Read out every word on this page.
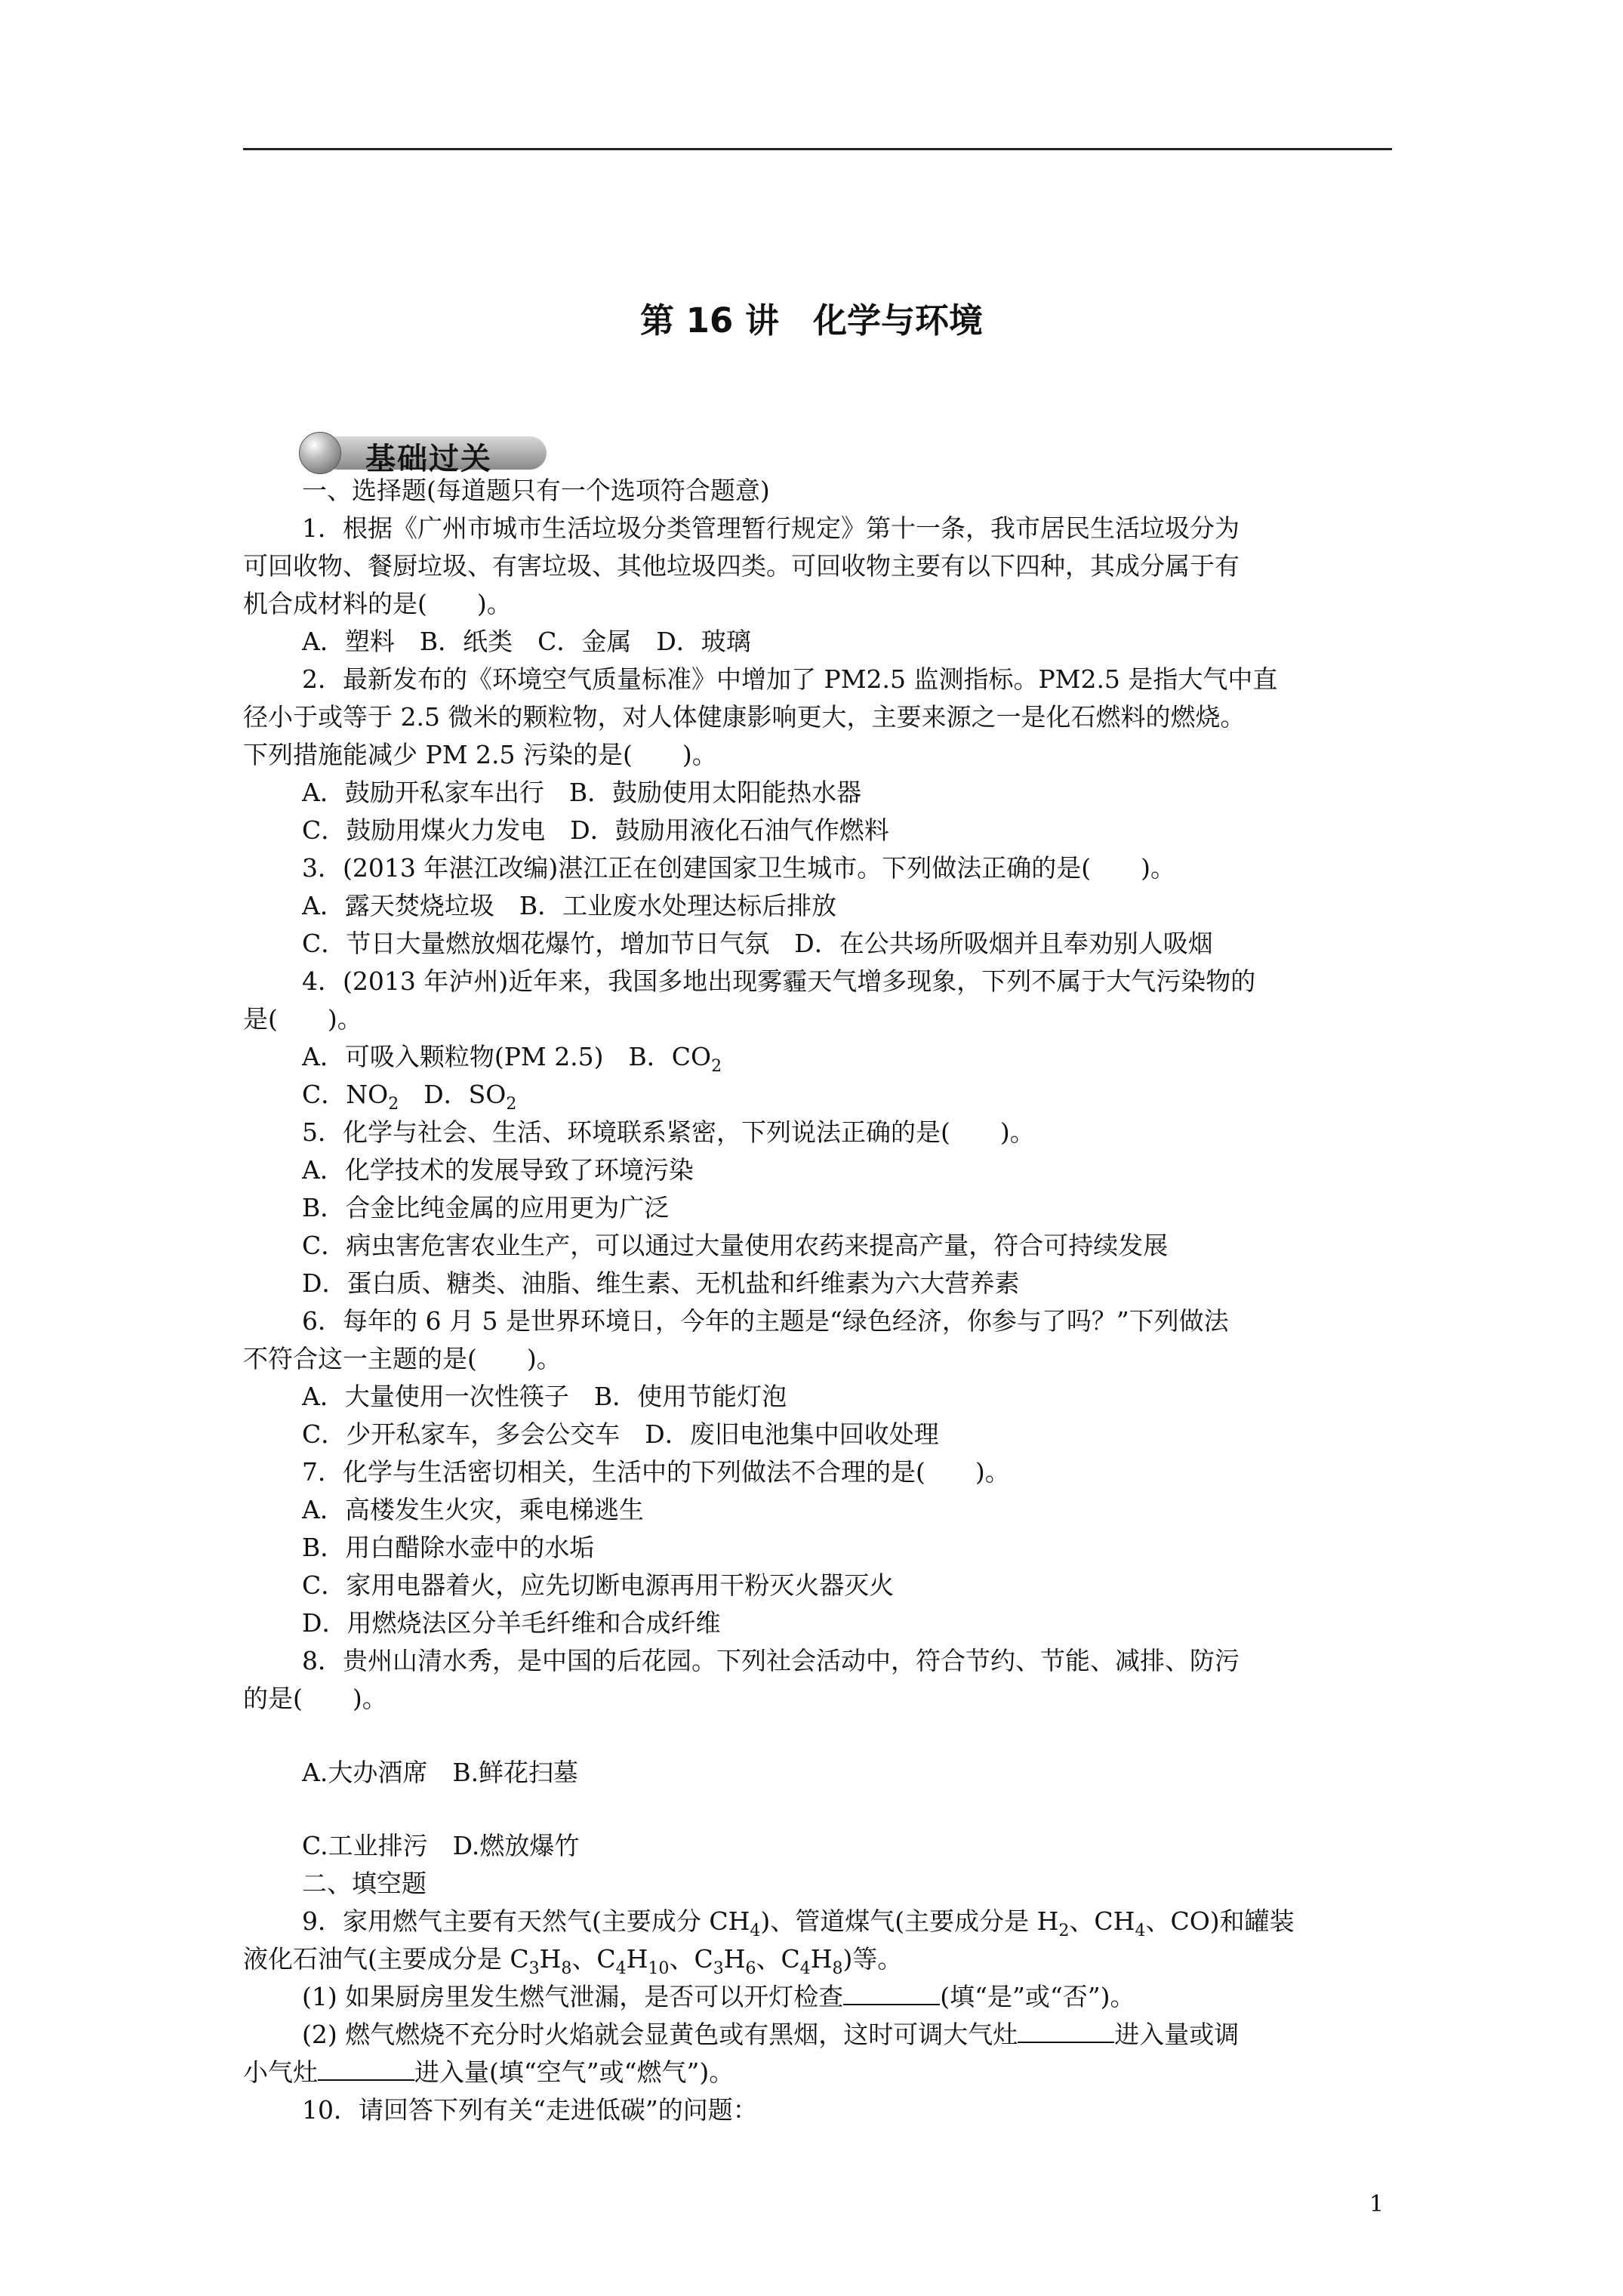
第 16 讲　化学与环境
基础过关
一、选择题(每道题只有一个选项符合题意)
1．根据《广州市城市生活垃圾分类管理暂行规定》第十一条，我市居民生活垃圾分为
可回收物、餐厨垃圾、有害垃圾、其他垃圾四类。可回收物主要有以下四种，其成分属于有
机合成材料的是(　　)。
A．塑料　B．纸类　C．金属　D．玻璃
2．最新发布的《环境空气质量标准》中增加了 PM2.5 监测指标。PM2.5 是指大气中直
径小于或等于 2.5 微米的颗粒物，对人体健康影响更大，主要来源之一是化石燃料的燃烧。
下列措施能减少 PM 2.5 污染的是(　　)。
A．鼓励开私家车出行　B．鼓励使用太阳能热水器
C．鼓励用煤火力发电　D．鼓励用液化石油气作燃料
3．(2013 年湛江改编)湛江正在创建国家卫生城市。下列做法正确的是(　　)。
A．露天焚烧垃圾　B．工业废水处理达标后排放
C．节日大量燃放烟花爆竹，增加节日气氛　D．在公共场所吸烟并且奉劝别人吸烟
4．(2013 年泸州)近年来，我国多地出现雾霾天气增多现象，下列不属于大气污染物的
是(　　)。
A．可吸入颗粒物(PM 2.5)　B．$CO_2$
C．$NO_2$　D．$SO_2$
5．化学与社会、生活、环境联系紧密，下列说法正确的是(　　)。
A．化学技术的发展导致了环境污染
B．合金比纯金属的应用更为广泛
C．病虫害危害农业生产，可以通过大量使用农药来提高产量，符合可持续发展
D．蛋白质、糖类、油脂、维生素、无机盐和纤维素为六大营养素
6．每年的 6 月 5 是世界环境日，今年的主题是“绿色经济，你参与了吗？”下列做法
不符合这一主题的是(　　)。
A．大量使用一次性筷子　B．使用节能灯泡
C．少开私家车，多会公交车　D．废旧电池集中回收处理
7．化学与生活密切相关，生活中的下列做法不合理的是(　　)。
A．高楼发生火灾，乘电梯逃生
B．用白醋除水壶中的水垢
C．家用电器着火，应先切断电源再用干粉灭火器灭火
D．用燃烧法区分羊毛纤维和合成纤维
8．贵州山清水秀，是中国的后花园。下列社会活动中，符合节约、节能、减排、防污
的是(　　)。
A.大办酒席　B.鲜花扫墓
C.工业排污　D.燃放爆竹
二、填空题
9．家用燃气主要有天然气(主要成分 $CH_4$)、管道煤气(主要成分是 $H_2$、$CH_4$、CO)和罐装
液化石油气(主要成分是 $C_3H_8$、$C_4H_{10}$、$C_3H_6$、$C_4H_8$)等。
(1) 如果厨房里发生燃气泄漏，是否可以开灯检查	(填“是”或“否”)。
(2) 燃气燃烧不充分时火焰就会显黄色或有黑烟，这时可调大气灶	进入量或调
小气灶	进入量(填“空气”或“燃气”)。
10．请回答下列有关“走进低碳”的问题：
1
